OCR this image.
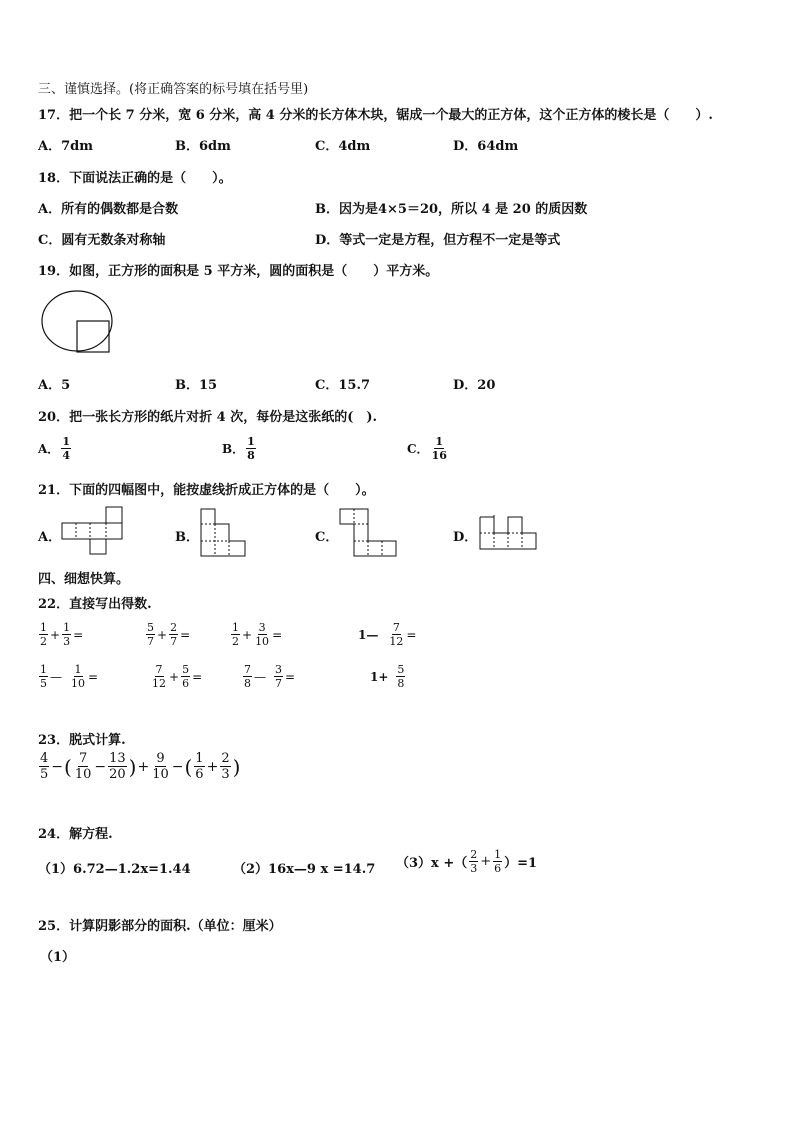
三、谨慎选择。(将正确答案的标号填在括号里)
17．把一个长 7 分米，宽 6 分米，高 4 分米的长方体木块，锯成一个最大的正方体，这个正方体的棱长是（　　）.
A．7dm	B．6dm	C．4dm	D．64dm
18．下面说法正确的是（　　）。
A．所有的偶数都是合数	B．因为是4×5＝20，所以 4 是 20 的质因数
C．圆有无数条对称轴	D．等式一定是方程，但方程不一定是等式
19．如图，正方形的面积是 5 平方米，圆的面积是（　　）平方米。
A．5	B．15	C．15.7	D．20
20．把一张长方形的纸片对折 4 次，每份是这张纸的(　).
A． $\frac{1}{4}$	B． $\frac{1}{8}$	C． $\frac{1}{16}$
21．下面的四幅图中，能按虚线折成正方体的是（　　）。
A．	B．	C．	D．
四、细想快算。
22．直接写出得数.
$\frac{1}{2} + \frac{1}{3}$ =	$\frac{5}{7} + \frac{2}{7}$ =	$\frac{1}{2} + \frac{3}{10}$ =	1— $\frac{7}{12}$ =
$\frac{1}{5}$ — $\frac{1}{10}$ =	$\frac{7}{12} + \frac{5}{6}$ =	$\frac{7}{8}$ — $\frac{3}{7}$ =	$1+ \frac{5}{8}$
23．脱式计算.
$\frac{4}{5}$ − ( $\frac{7}{10} - \frac{13}{20}$ ) + $\frac{9}{10}$ − ( $\frac{1}{6} + \frac{2}{3}$ )
24．解方程.
（1）6.72—1.2x=1.44	（2）16x—9 x =14.7 （3）x +（ $\frac{2}{3} + \frac{1}{6} )=1$
25．计算阴影部分的面积.（单位：厘米）
（1）
